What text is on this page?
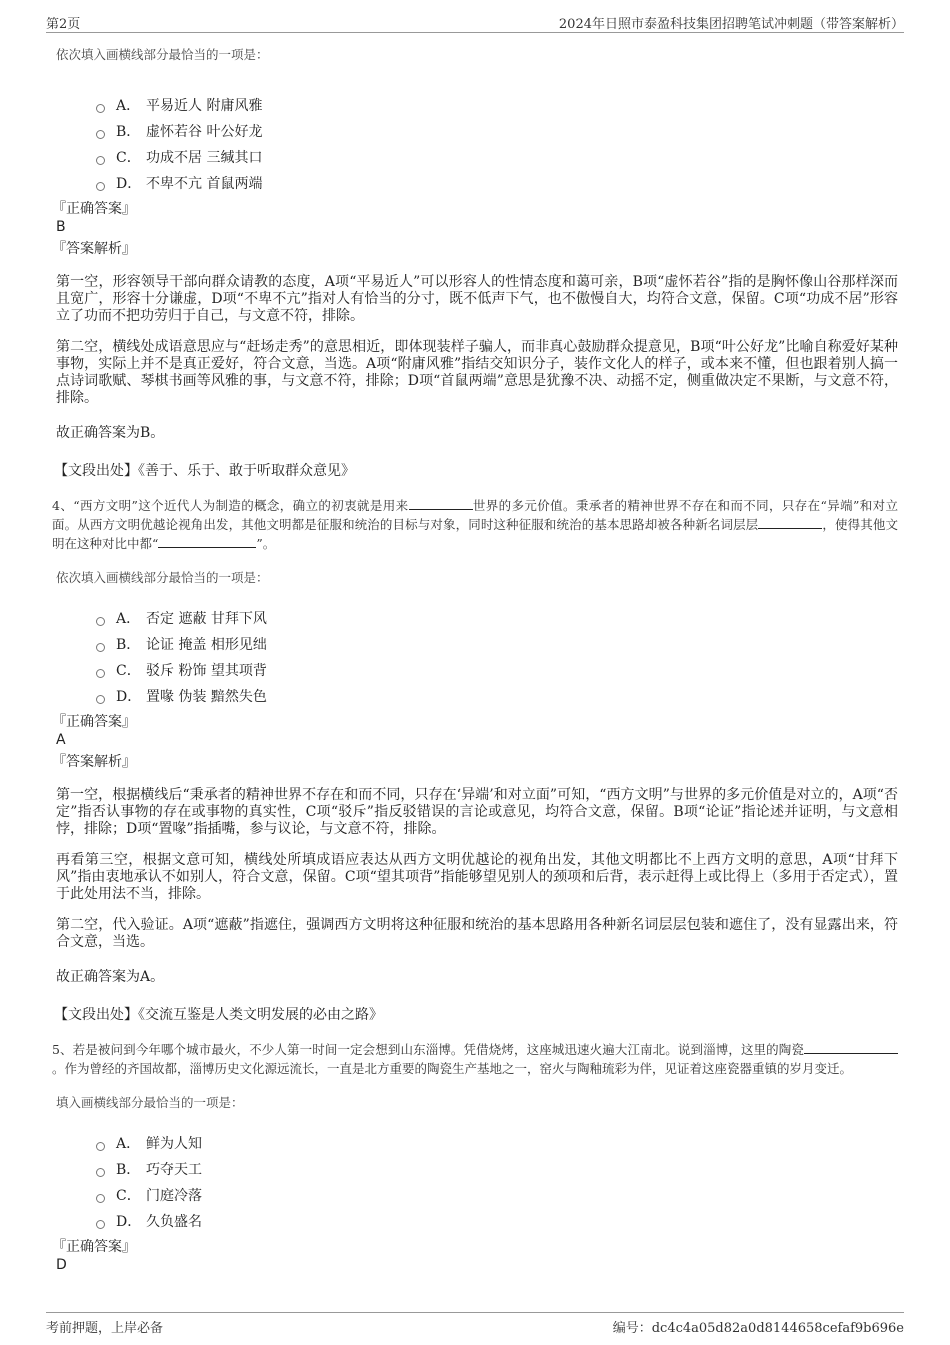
第2页	2024年日照市泰盈科技集团招聘笔试冲刺题（带答案解析）
依次填入画横线部分最恰当的一项是：
A． 平易近人 附庸风雅
B． 虚怀若谷 叶公好龙
C． 功成不居 三缄其口
D． 不卑不亢 首鼠两端
『正确答案』
B
『答案解析』
第一空，形容领导干部向群众请教的态度，A项“平易近人”可以形容人的性情态度和蔼可亲，B项“虚怀若谷”指的是胸怀像山谷那样深而且宽广，形容十分谦虚，D项“不卑不亢”指对人有恰当的分寸，既不低声下气，也不傲慢自大，均符合文意，保留。C项“功成不居”形容立了功而不把功劳归于自己，与文意不符，排除。
第二空，横线处成语意思应与“赶场走秀”的意思相近，即体现装样子骗人，而非真心鼓励群众提意见，B项“叶公好龙”比喻自称爱好某种事物，实际上并不是真正爱好，符合文意，当选。A项“附庸风雅”指结交知识分子，装作文化人的样子，或本来不懂，但也跟着别人搞一点诗词歌赋、琴棋书画等风雅的事，与文意不符，排除；D项“首鼠两端”意思是犹豫不决、动摇不定，侧重做决定不果断，与文意不符，排除。
故正确答案为B。
【文段出处】《善于、乐于、敢于听取群众意见》
4、“西方文明”这个近代人为制造的概念，确立的初衷就是用来	世界的多元价值。秉承者的精神世界不存在和而不同，只存在“异端”和对立面。从西方文明优越论视角出发，其他文明都是征服和统治的目标与对象，同时这种征服和统治的基本思路却被各种新名词层层	，使得其他文明在这种对比中都“	”。
依次填入画横线部分最恰当的一项是：
A． 否定 遮蔽 甘拜下风
B． 论证 掩盖 相形见绌
C． 驳斥 粉饰 望其项背
D． 置喙 伪装 黯然失色
『正确答案』
A
『答案解析』
第一空，根据横线后“秉承者的精神世界不存在和而不同，只存在‘异端’和对立面”可知，“西方文明”与世界的多元价值是对立的，A项“否定”指否认事物的存在或事物的真实性，C项“驳斥”指反驳错误的言论或意见，均符合文意，保留。B项“论证”指论述并证明，与文意相悖，排除；D项“置喙”指插嘴，参与议论，与文意不符，排除。
再看第三空，根据文意可知，横线处所填成语应表达从西方文明优越论的视角出发，其他文明都比不上西方文明的意思，A项“甘拜下风”指由衷地承认不如别人，符合文意，保留。C项“望其项背”指能够望见别人的颈项和后背，表示赶得上或比得上（多用于否定式），置于此处用法不当，排除。
第二空，代入验证。A项“遮蔽”指遮住，强调西方文明将这种征服和统治的基本思路用各种新名词层层包装和遮住了，没有显露出来，符合文意，当选。
故正确答案为A。
【文段出处】《交流互鉴是人类文明发展的必由之路》
5、若是被问到今年哪个城市最火，不少人第一时间一定会想到山东淄博。凭借烧烤，这座城迅速火遍大江南北。说到淄博，这里的陶瓷。作为曾经的齐国故都，淄博历史文化源远流长，一直是北方重要的陶瓷生产基地之一，窑火与陶釉琉彩为伴，见证着这座瓷器重镇的岁月变迁。
填入画横线部分最恰当的一项是：
A． 鲜为人知
B． 巧夺天工
C． 门庭冷落
D． 久负盛名
『正确答案』
D
考前押题，上岸必备	编号：dc4c4a05d82a0d8144658cefaf9b696e
